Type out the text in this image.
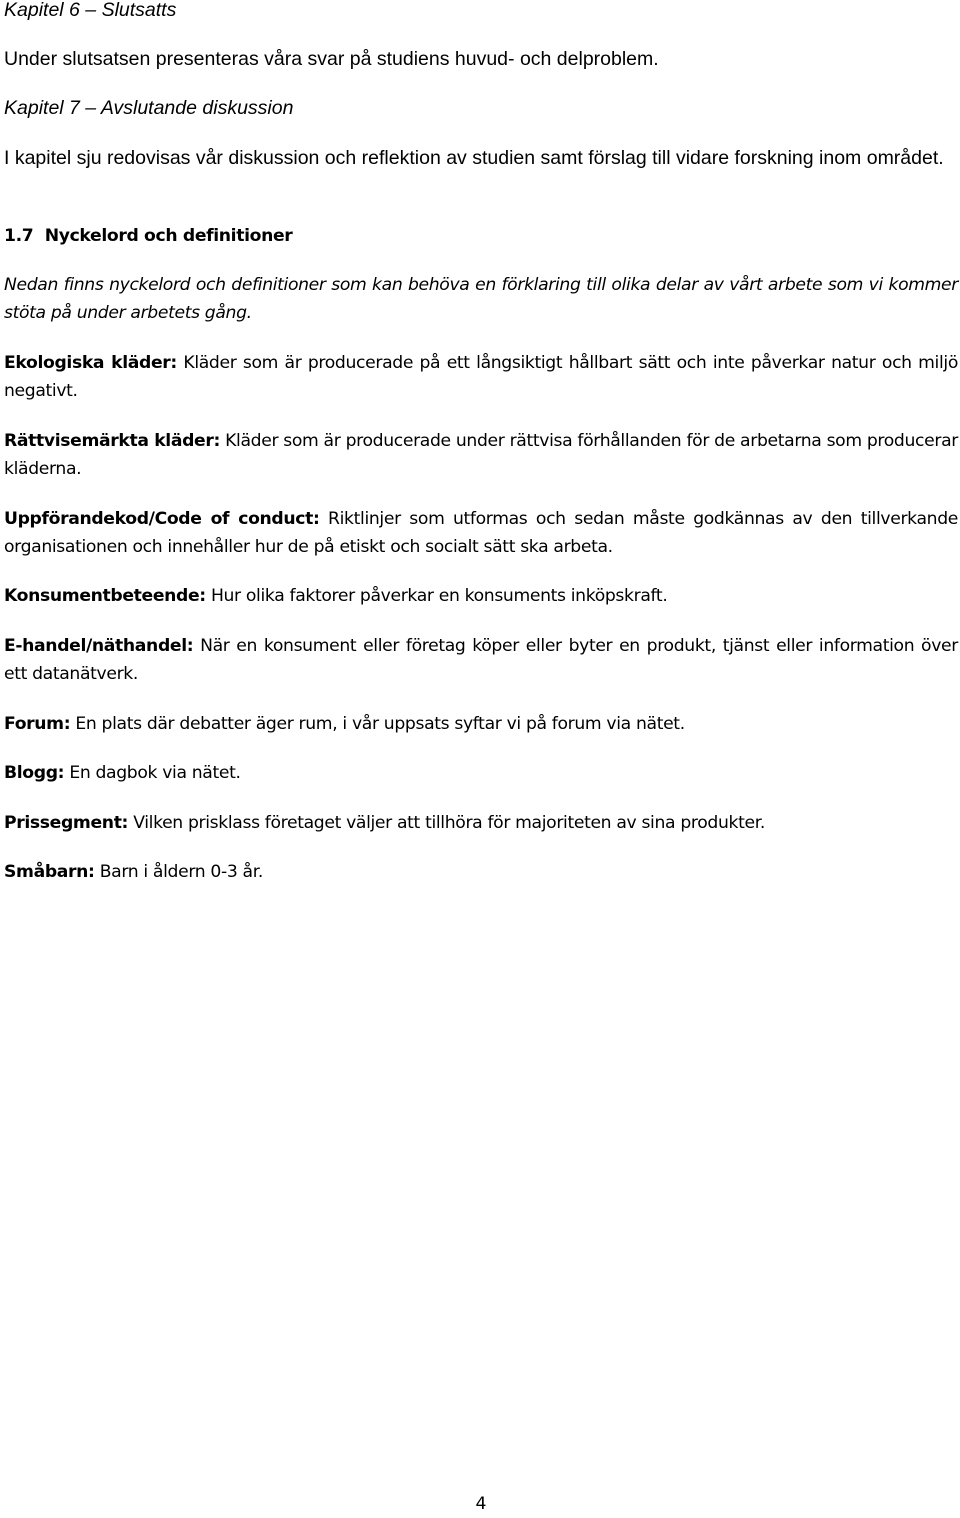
Kapitel 6 – Slutsatts

Under slutsatsen presenteras våra svar på studiens huvud- och delproblem.

Kapitel 7 – Avslutande diskussion

I kapitel sju redovisas vår diskussion och reflektion av studien samt förslag till vidare forskning inom området.

1.7 Nyckelord och definitioner

Nedan finns nyckelord och definitioner som kan behöva en förklaring till olika delar av vårt arbete som vi kommer stöta på under arbetets gång.

Ekologiska kläder: Kläder som är producerade på ett långsiktigt hållbart sätt och inte påverkar natur och miljö negativt.

Rättvisemärkta kläder: Kläder som är producerade under rättvisa förhållanden för de arbetarna som producerar kläderna.

Uppförandekod/Code of conduct: Riktlinjer som utformas och sedan måste godkännas av den tillverkande organisationen och innehåller hur de på etiskt och socialt sätt ska arbeta.

Konsumentbeteende: Hur olika faktorer påverkar en konsuments inköpskraft.

E-handel/näthandel: När en konsument eller företag köper eller byter en produkt, tjänst eller information över ett datanätverk.

Forum: En plats där debatter äger rum, i vår uppsats syftar vi på forum via nätet.

Blogg: En dagbok via nätet.

Prissegment: Vilken prisklass företaget väljer att tillhöra för majoriteten av sina produkter.

Småbarn: Barn i åldern 0-3 år.

4
